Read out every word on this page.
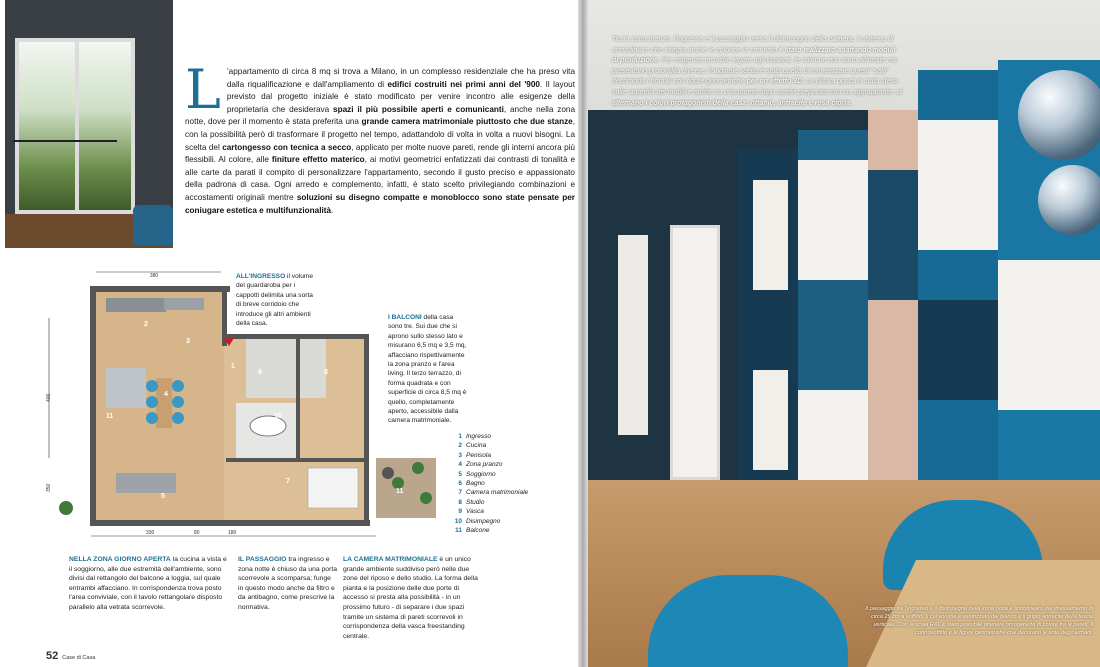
L ’appartamento di circa 8 mq si trova a Milano, in un complesso residenziale che ha preso vita dalla riqualificazione e dall'ampliamento di edifici costruiti nei primi anni del '900. Il layout previsto dal progetto iniziale è stato modificato per venire incontro alle esigenze della proprietaria che desiderava spazi il più possibile aperti e comunicanti, anche nella zona notte, dove per il momento è stata preferita una grande camera matrimoniale piuttosto che due stanze, con la possibilità però di trasformare il progetto nel tempo, adattandolo di volta in volta a nuovi bisogni. La scelta del cartongesso con tecnica a secco, applicato per molte nuove pareti, rende gli interni ancora più flessibili. Al colore, alle finiture effetto materico, ai motivi geometrici enfatizzati dai contrasti di tonalità e alle carte da parati il compito di personalizzare l'appartamento, secondo il gusto preciso e appassionato della padrona di casa. Ogni arredo e complemento, infatti, è stato scelto privilegiando combinazioni e accostamenti originali mentre soluzioni su disegno compatte e monoblocco sono state pensate per coniugare estetica e multifunzionalità.
380
400
350
330	80	180
2
3
4
11
5
1
6	8
10
9
7
11
11
ALL'INGRESSO il volume del guardaroba per i cappotti delimita una sorta di breve corridoio che introduce gli altri ambienti della casa.
I BALCONI della casa sono tre. Sui due che si aprono sullo stesso lato e misurano 6,5 mq e 3,5 mq, affacciano rispettivamente la zona pranzo e l'area living. Il terzo terrazzo, di forma quadrata e con superficie di circa 8,5 mq è quello, completamente aperto, accessibile dalla camera matrimoniale.
1 Ingresso
2 Cucina
3 Penisola
4 Zona pranzo
5 Soggiorno
6 Bagno
7 Camera matrimoniale
8 Studio
9 Vasca
10 Disimpegno
11 Balcone
NELLA ZONA GIORNO APERTA la cucina a vista e il soggiorno, alle due estremità dell'ambiente, sono divisi dal rettangolo del balcone a loggia, sul quale entrambi affacciano. In corrispondenza trova posto l'area conviviale, con il tavolo rettangolare disposto parallelo alla vetrata scorrevole.
IL PASSAGGIO tra ingresso e zona notte è chiuso da una porta scorrevole a scomparsa; funge in questo modo anche da filtro e da antibagno, come prescrive la normativa.
LA CAMERA MATRIMONIALE è un unico grande ambiente suddiviso però nelle due zone del riposo e dello studio. La forma della pianta e la posizione delle due porte di accesso si presta alla possibilità - in un prossimo futuro - di separare i due spazi tramite un sistema di pareti scorrevoli in corrispondenza della vasca freestanding centrale.
52 Case di Casa
Tra la zona pranzo, l'ingresso e il passaggio verso il disimpegno della camera, il sistema di armadiature che integra anche le colonne in cemento è stato realizzato adattando moduli di produzione. Per esigenze tecniche legate agli impianti, le colonne non sono allineate ma presentano profondità diverse: l'originale scelta è stata quella di mimetizzare questi "salti" decorando i frontali con figure geometriche per un effetto 3D. La pittura opaca è stata stesa sulle superfici dei mobili e anche su una parete dopo averle preparate con un aggrappante; si alternano i colori protagonisti della casa: ottanio, antracite e rosa cipria.
Il passaggio tra l'ingresso e il disimpegno della zona notte è sottolineato dal ribassamento di circa 25 cm a soffitto. Il cui volume è valorizzato dal bianco e il grigio antracite della fascia verticale. Con la scala RAL è stato possibile ottenere omogeneità di colore tra le pareti, il controsoffitto e le figure geometriche che decorano le ante degli armadi.
